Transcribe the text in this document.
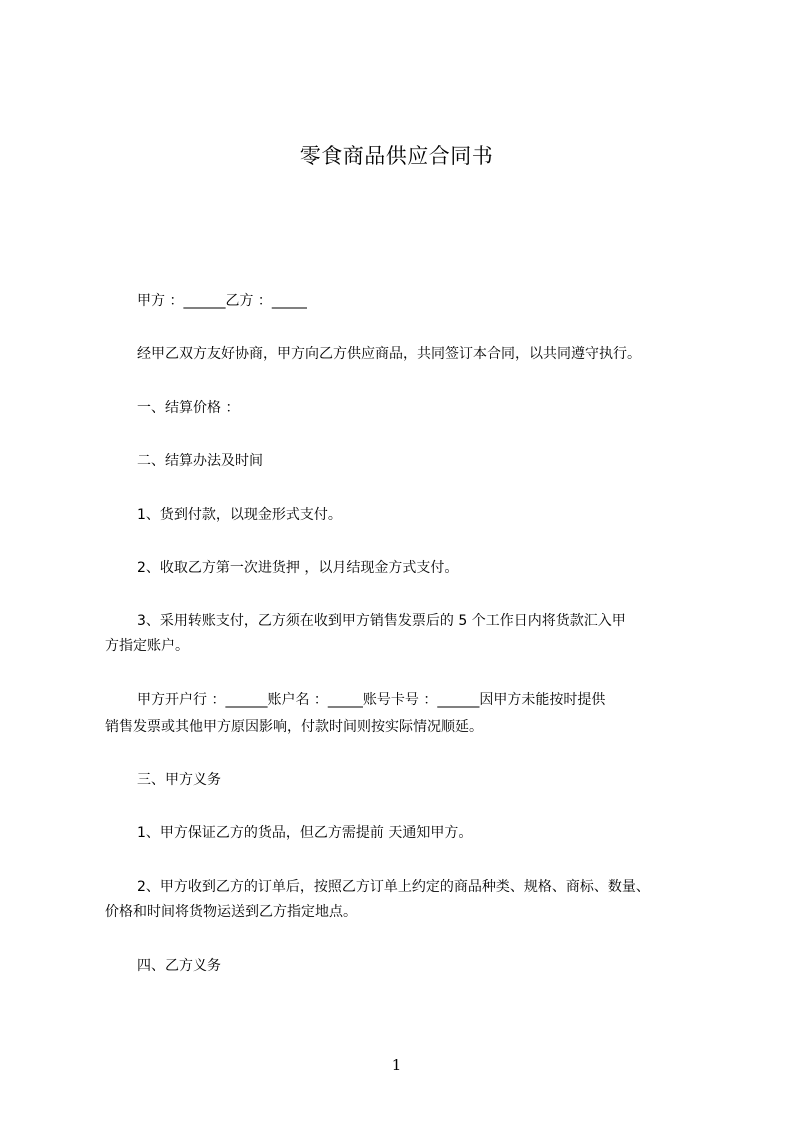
零食商品供应合同书
甲方 ：______乙方 ：_____
经甲乙双方友好协商，甲方向乙方供应商品，共同签订本合同，以共同遵守执行。
一、结算价格 ：
二、结算办法及时间
1、货到付款，以现金形式支付。
2、收取乙方第一次进货押 ，以月结现金方式支付。
3、采用转账支付，乙方须在收到甲方销售发票后的 5 个工作日内将货款汇入甲
方指定账户。
甲方开户行 ：______账户名 ：_____账号卡号 ：______因甲方未能按时提供
销售发票或其他甲方原因影响，付款时间则按实际情况顺延。
三、甲方义务
1、甲方保证乙方的货品，但乙方需提前 天通知甲方。
2、甲方收到乙方的订单后，按照乙方订单上约定的商品种类、规格、商标、数量、
价格和时间将货物运送到乙方指定地点。
四、乙方义务
1
